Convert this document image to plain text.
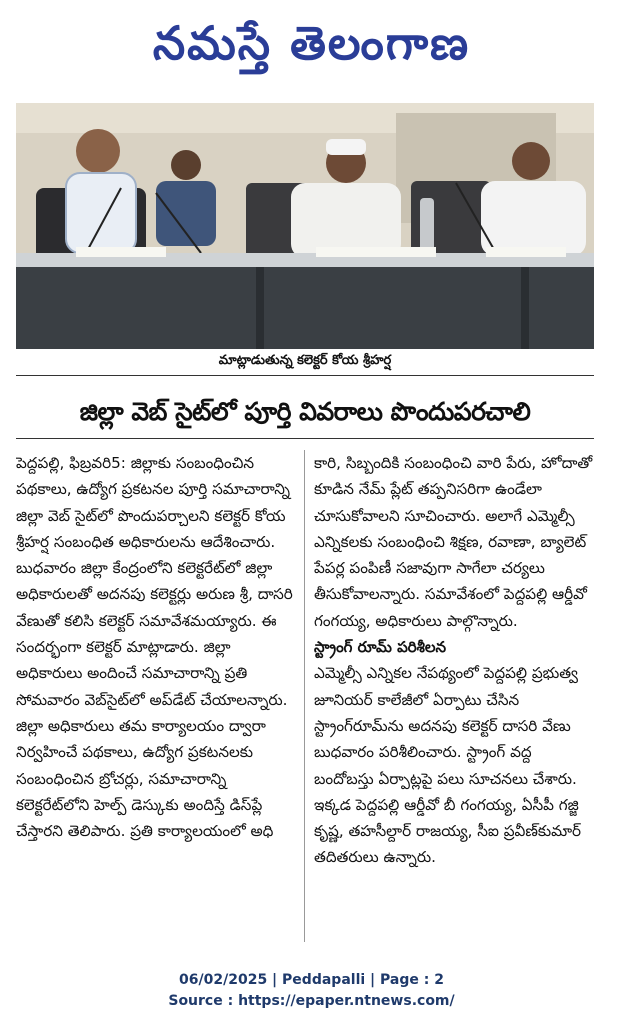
నమస్తే తెలంగాణ
మాట్లాడుతున్న కలెక్టర్ కోయ శ్రీహర్ష
జిల్లా వెబ్ సైట్‌లో పూర్తి వివరాలు పొందుపరచాలి

పెద్దపల్లి, ఫిబ్రవరి5: జిల్లాకు సంబంధించిన పథకాలు, ఉద్యోగ ప్రకటనల పూర్తి సమాచారాన్ని జిల్లా వెబ్ సైట్‌లో పొందుపర్చాలని కలెక్టర్ కోయ శ్రీహర్ష సంబంధిత అధికారులను ఆదేశించారు. బుధవారం జిల్లా కేంద్రంలోని కలెక్టరేట్‌లో జిల్లా అధికారులతో అదనపు కలెక్టర్లు అరుణ శ్రీ, దాసరి వేణుతో కలిసి కలెక్టర్ సమావేశమయ్యారు. ఈ సందర్భంగా కలెక్టర్ మాట్లాడారు. జిల్లా అధికారులు అందించే సమాచారాన్ని ప్రతి సోమవారం వెబ్‌సైట్‌లో అప్‌డేట్ చేయాలన్నారు. జిల్లా అధికారులు తమ కార్యాలయం ద్వారా నిర్వహించే పథకాలు, ఉద్యోగ ప్రకటనలకు సంబంధించిన బ్రోచర్లు, సమాచారాన్ని కలెక్టరేట్‌లోని హెల్ప్ డెస్కుకు అందిస్తే డిస్‌ప్లే చేస్తారని తెలిపారు. ప్రతి కార్యాలయంలో అధి

కారి, సిబ్బందికి సంబంధించి వారి పేరు, హోదాతో కూడిన నేమ్ ప్లేట్ తప్పనిసరిగా ఉండేలా చూసుకోవాలని సూచించారు. అలాగే ఎమ్మెల్సీ ఎన్నికలకు సంబంధించి శిక్షణ, రవాణా, బ్యాలెట్ పేపర్ల పంపిణీ సజావుగా సాగేలా చర్యలు తీసుకోవాలన్నారు. సమావేశంలో పెద్దపల్లి ఆర్డీవో గంగయ్య, అధికారులు పాల్గొన్నారు.

స్ట్రాంగ్ రూమ్ పరిశీలన

ఎమ్మెల్సీ ఎన్నికల నేపథ్యంలో పెద్దపల్లి ప్రభుత్వ జూనియర్ కాలేజీలో ఏర్పాటు చేసిన స్ట్రాంగ్‌రూమ్‌ను అదనపు కలెక్టర్ దాసరి వేణు బుధవారం పరిశీలించారు. స్ట్రాంగ్ వద్ద బందోబస్తు ఏర్పాట్లపై పలు సూచనలు చేశారు. ఇక్కడ పెద్దపల్లి ఆర్డీవో బీ గంగయ్య, ఏసీపీ గజ్జి కృష్ణ, తహసీల్దార్ రాజయ్య, సీఐ ప్రవీణ్‌కుమార్ తదితరులు ఉన్నారు.

06/02/2025 | Peddapalli | Page : 2
Source : https://epaper.ntnews.com/
